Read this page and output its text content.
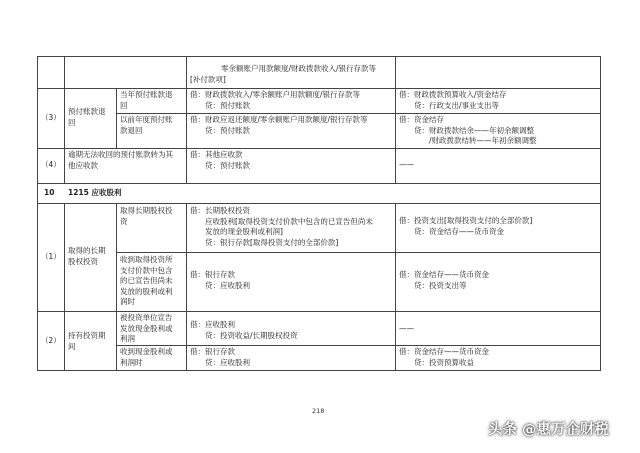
零余额账户用款额度/财政拨款收入/银行存款等
[补付款项]
（3）
预付账款退
回
当年预付账款退
回
借：财政拨款收入/零余额账户用款额度/银行存款等
　　贷：预付账款
借：财政拨款预算收入/资金结存
　　贷：行政支出/事业支出等
以前年度预付账
款退回
借：财政应返还额度/零余额账户用款额度/银行存款等
　　贷：预付账款
借：资金结存
　　贷：财政拨款结余——年初余额调整
　　　　/财政拨款结转——年初余额调整
（4）
逾期无法收回的预付账款转为其
他应收款
借：其他应收款
　　贷：预付账款	——
10 1215 应收股利
（1）
取得的长期
股权投资
取得长期股权投
资
借：长期股权投资
　　应收股利[取得投资支付价款中包含的已宣告但尚未
　　发放的现金股利或利润]
　　贷：银行存款[取得投资支付的全部价款]
借：投资支出[取得投资支付的全部价款]
　　贷：资金结存——货币资金
收到取得投资所
支付价款中包含
的已宣告但尚未
发放的股利或利
润时
借：银行存款
　　贷：应收股利
借：资金结存——货币资金
　　贷：投资支出等
（2）
持有投资期
间
被投资单位宣告
发放现金股利或
利润
借：应收股利
　　贷：投资收益/长期股权投资
——
收到现金股利或
利润时
借：银行存款
　　贷：应收股利
借：资金结存——货币资金
　　贷：投资预算收益
218
头条 @惠万企财税
